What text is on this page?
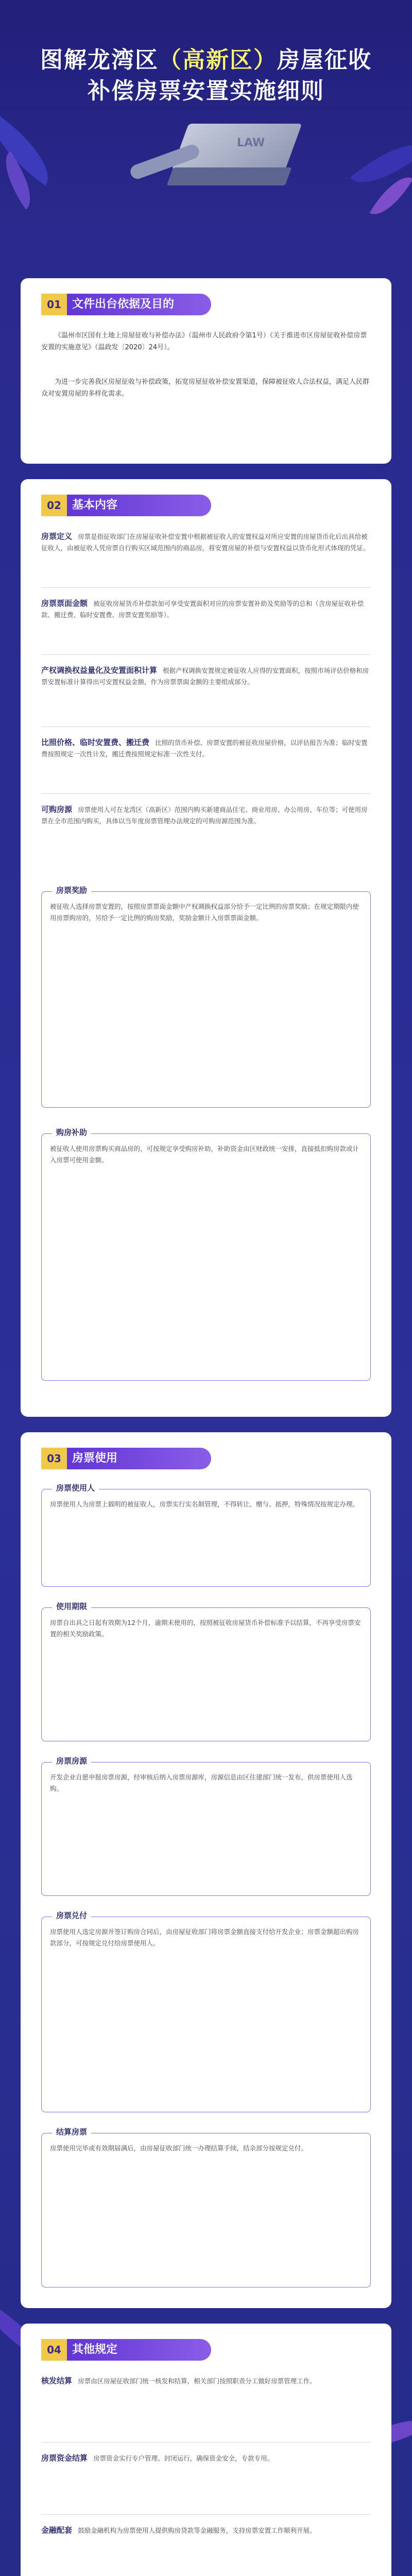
图解龙湾区（高新区）房屋征收
补偿房票安置实施细则
LAW
01 文件出台依据及目的
《温州市区国有土地上房屋征收与补偿办法》（温州市人民政府令第1号）《关于推进市区房屋征收补偿房票安置的实施意见》（温政发〔2020〕24号）。
为进一步完善我区房屋征收与补偿政策，拓宽房屋征收补偿安置渠道，保障被征收人合法权益，满足人民群众对安置房屋的多样化需求。
02 基本内容
房票定义 房票是指征收部门在房屋征收补偿安置中根据被征收人的安置权益对所应安置的房屋货币化后出具给被征收人，由被征收人凭房票自行购买区域范围内的商品房，将安置房屋的补偿与安置权益以货币化形式体现的凭证。
房票票面金额 被征收房屋货币补偿款加可享受安置面积对应的房票安置补助及奖励等的总和（含房屋征收补偿款、搬迁费、临时安置费、房票安置奖励等）。
产权调换权益量化及安置面积计算 根据产权调换安置规定被征收人应得的安置面积，按照市场评估价格和房票安置标准计算得出可安置权益金额，作为房票票面金额的主要组成部分。
比照价格、临时安置费、搬迁费 比照的货币补偿、房票安置的被征收房屋价格，以评估报告为准；临时安置费按照规定一次性计发，搬迁费按照规定标准一次性支付。
可购房源 房票使用人可在龙湾区（高新区）范围内购买新建商品住宅、商业用房、办公用房、车位等；可使用房票在全市范围内购买，具体以当年度房票管理办法规定的可购房源范围为准。
房票奖励
被征收人选择房票安置的，按照房票票面金额中产权调换权益部分给予一定比例的房票奖励；在规定期限内使用房票购房的，另给予一定比例的购房奖励，奖励金额计入房票票面金额。
购房补助
被征收人使用房票购买商品房的，可按规定享受购房补助，补助资金由区财政统一安排，直接抵扣购房款或计入房票可使用金额。
03 房票使用
房票使用人
房票使用人为房票上载明的被征收人，房票实行实名制管理，不得转让、赠与、抵押，特殊情况按规定办理。
使用期限
房票自出具之日起有效期为12个月，逾期未使用的，按照被征收房屋货币补偿标准予以结算，不再享受房票安置的相关奖励政策。
房票房源
开发企业自愿申报房票房源，经审核后纳入房票房源库，房源信息由区住建部门统一发布，供房票使用人选购。
房票兑付
房票使用人选定房源并签订购房合同后，由房屋征收部门将房票金额直接支付给开发企业；房票金额超出购房款部分，可按规定兑付给房票使用人。
结算房票
房票使用完毕或有效期届满后，由房屋征收部门统一办理结算手续，结余部分按规定兑付。
04 其他规定
核发结算 房票由区房屋征收部门统一核发和结算，相关部门按照职责分工做好房票管理工作。
房票资金结算 房票资金实行专户管理、封闭运行，确保资金安全，专款专用。
金融配套 鼓励金融机构为房票使用人提供购房贷款等金融服务，支持房票安置工作顺利开展。
